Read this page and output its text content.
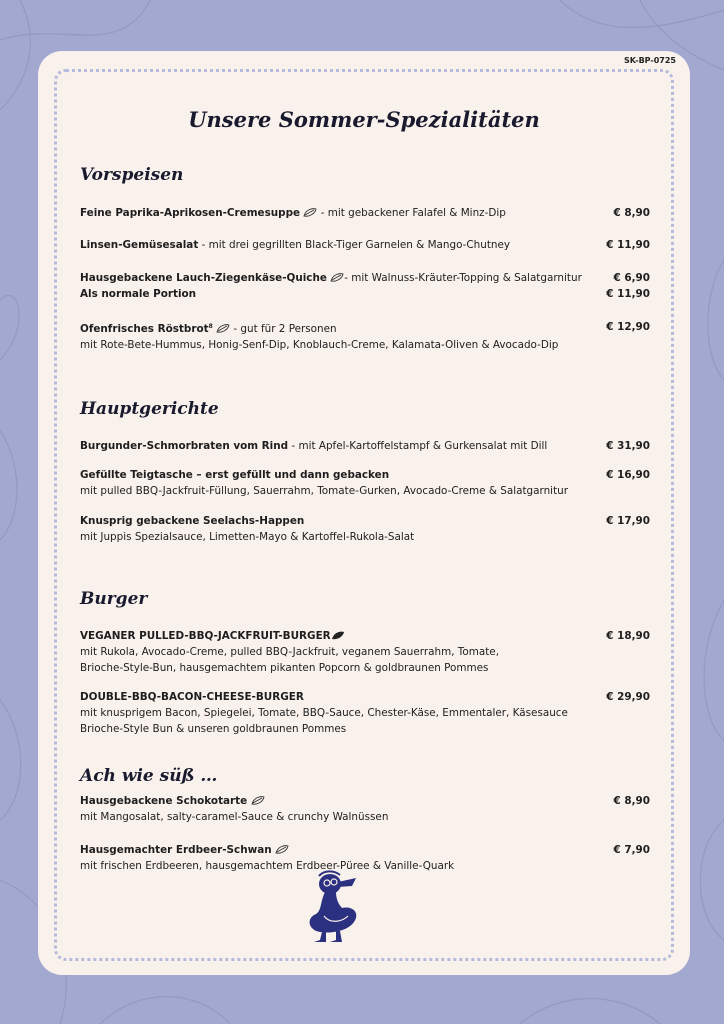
SK-BP-0725
Unsere Sommer-Spezialitäten
Vorspeisen
Feine Paprika-Aprikosen-Cremesuppe  - mit gebackener Falafel & Minz-Dip	€ 8,90
Linsen-Gemüsesalat - mit drei gegrillten Black-Tiger Garnelen & Mango-Chutney	€ 11,90
Hausgebackene Lauch-Ziegenkäse-Quiche - mit Walnuss-Kräuter-Topping & Salatgarnitur	€ 6,90
Als normale Portion	€ 11,90
Ofenfrisches Röstbrot$^8$  - gut für 2 Personen	€ 12,90
mit Rote-Bete-Hummus, Honig-Senf-Dip, Knoblauch-Creme, Kalamata-Oliven & Avocado-Dip
Hauptgerichte
Burgunder-Schmorbraten vom Rind - mit Apfel-Kartoffelstampf & Gurkensalat mit Dill	€ 31,90
Gefüllte Teigtasche – erst gefüllt und dann gebacken	€ 16,90
mit pulled BBQ-Jackfruit-Füllung, Sauerrahm, Tomate-Gurken, Avocado-Creme & Salatgarnitur
Knusprig gebackene Seelachs-Happen	€ 17,90
mit Juppis Spezialsauce, Limetten-Mayo & Kartoffel-Rukola-Salat
Burger
VEGANER PULLED-BBQ-JACKFRUIT-BURGER	€ 18,90
mit Rukola, Avocado-Creme, pulled BBQ-Jackfruit, veganem Sauerrahm, Tomate,
Brioche-Style-Bun, hausgemachtem pikanten Popcorn & goldbraunen Pommes
DOUBLE-BBQ-BACON-CHEESE-BURGER	€ 29,90
mit knusprigem Bacon, Spiegelei, Tomate, BBQ-Sauce, Chester-Käse, Emmentaler, Käsesauce
Brioche-Style Bun & unseren goldbraunen Pommes
Ach wie süß …
Hausgebackene Schokotarte	€ 8,90
mit Mangosalat, salty-caramel-Sauce & crunchy Walnüssen
Hausgemachter Erdbeer-Schwan	€ 7,90
mit frischen Erdbeeren, hausgemachtem Erdbeer-Püree & Vanille-Quark
